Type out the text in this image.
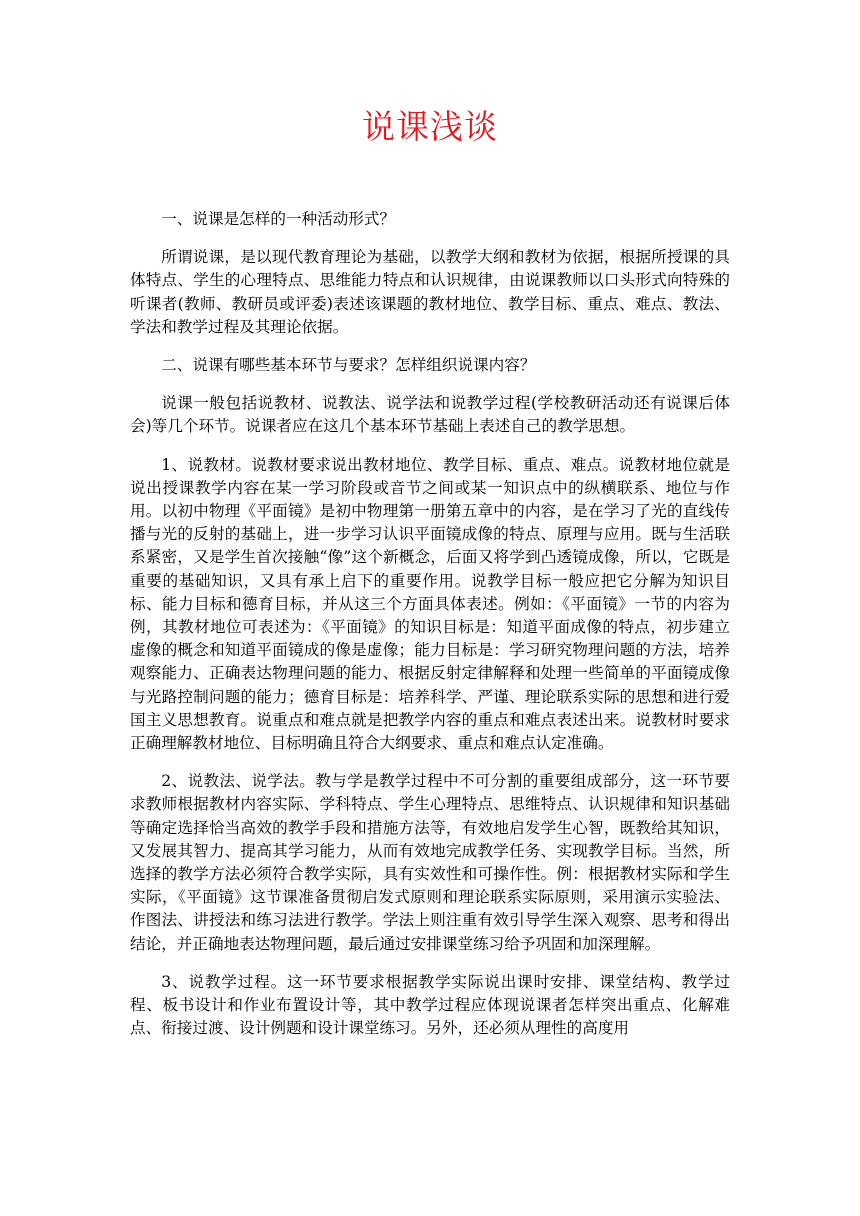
说课浅谈

一、说课是怎样的一种活动形式？

所谓说课，是以现代教育理论为基础，以教学大纲和教材为依据，根据所授课的具体特点、学生的心理特点、思维能力特点和认识规律，由说课教师以口头形式向特殊的听课者(教师、教研员或评委)表述该课题的教材地位、教学目标、重点、难点、教法、学法和教学过程及其理论依据。

二、说课有哪些基本环节与要求？怎样组织说课内容？

说课一般包括说教材、说教法、说学法和说教学过程(学校教研活动还有说课后体会)等几个环节。说课者应在这几个基本环节基础上表述自己的教学思想。

1、说教材。说教材要求说出教材地位、教学目标、重点、难点。说教材地位就是说出授课教学内容在某一学习阶段或音节之间或某一知识点中的纵横联系、地位与作用。以初中物理《平面镜》是初中物理第一册第五章中的内容，是在学习了光的直线传播与光的反射的基础上，进一步学习认识平面镜成像的特点、原理与应用。既与生活联系紧密，又是学生首次接触“像”这个新概念，后面又将学到凸透镜成像，所以，它既是重要的基础知识，又具有承上启下的重要作用。说教学目标一般应把它分解为知识目标、能力目标和德育目标，并从这三个方面具体表述。例如：《平面镜》一节的内容为例，其教材地位可表述为：《平面镜》的知识目标是：知道平面成像的特点，初步建立虚像的概念和知道平面镜成的像是虚像；能力目标是：学习研究物理问题的方法，培养观察能力、正确表达物理问题的能力、根据反射定律解释和处理一些简单的平面镜成像与光路控制问题的能力；德育目标是：培养科学、严谨、理论联系实际的思想和进行爱国主义思想教育。说重点和难点就是把教学内容的重点和难点表述出来。说教材时要求正确理解教材地位、目标明确且符合大纲要求、重点和难点认定准确。

2、说教法、说学法。教与学是教学过程中不可分割的重要组成部分，这一环节要求教师根据教材内容实际、学科特点、学生心理特点、思维特点、认识规律和知识基础等确定选择恰当高效的教学手段和措施方法等，有效地启发学生心智，既教给其知识，又发展其智力、提高其学习能力，从而有效地完成教学任务、实现教学目标。当然，所选择的教学方法必须符合教学实际，具有实效性和可操作性。例：根据教材实际和学生实际，《平面镜》这节课准备贯彻启发式原则和理论联系实际原则，采用演示实验法、作图法、讲授法和练习法进行教学。学法上则注重有效引导学生深入观察、思考和得出结论，并正确地表达物理问题，最后通过安排课堂练习给予巩固和加深理解。

3、说教学过程。这一环节要求根据教学实际说出课时安排、课堂结构、教学过程、板书设计和作业布置设计等，其中教学过程应体现说课者怎样突出重点、化解难点、衔接过渡、设计例题和设计课堂练习。另外，还必须从理性的高度用
